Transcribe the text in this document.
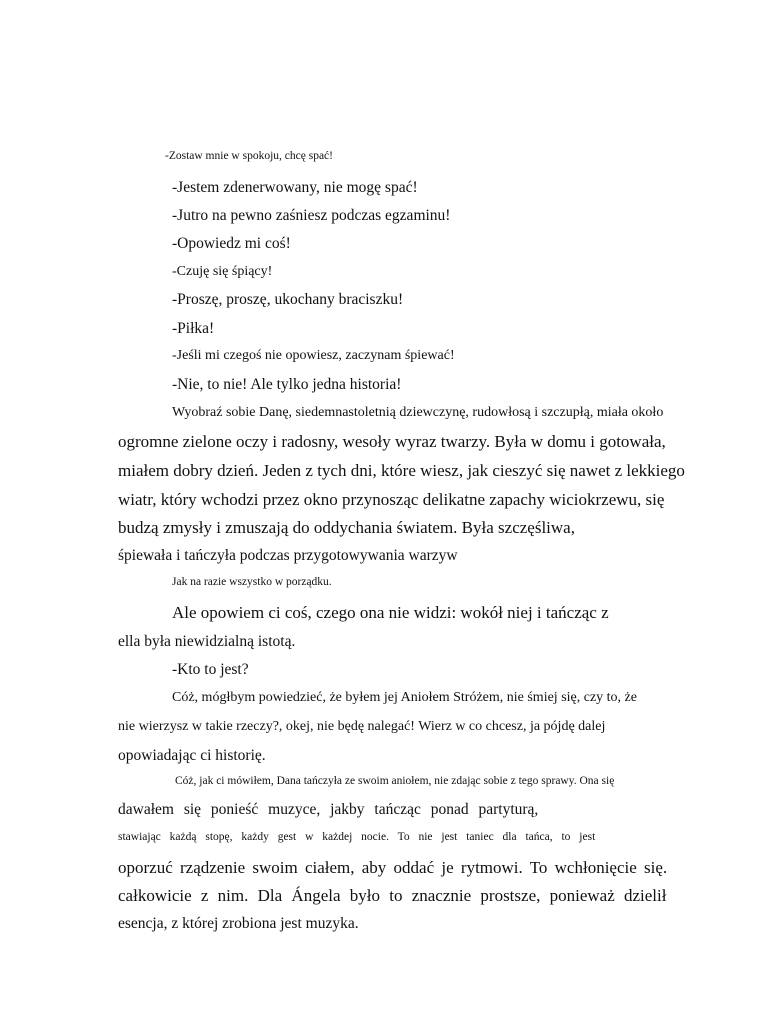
-Zostaw mnie w spokoju, chcę spać!

-Jestem zdenerwowany, nie mogę spać!

-Jutro na pewno zaśniesz podczas egzaminu!

-Opowiedz mi coś!

-Czuję się śpiący!

-Proszę, proszę, ukochany braciszku!

-Piłka!

-Jeśli mi czegoś nie opowiesz, zaczynam śpiewać!

-Nie, to nie! Ale tylko jedna historia!

Wyobraź sobie Danę, siedemnastoletnią dziewczynę, rudowłosą i szczupłą, miała około

ogromne zielone oczy i radosny, wesoły wyraz twarzy. Była w domu i gotowała,

miałem dobry dzień. Jeden z tych dni, które wiesz, jak cieszyć się nawet z lekkiego

wiatr, który wchodzi przez okno przynosząc delikatne zapachy wiciokrzewu, się

budzą zmysły i zmuszają do oddychania światem. Była szczęśliwa,

śpiewała i tańczyła podczas przygotowywania warzyw

Jak na razie wszystko w porządku.

Ale opowiem ci coś, czego ona nie widzi: wokół niej i tańcząc z

ella była niewidzialną istotą.

-Kto to jest?

Cóż, mógłbym powiedzieć, że byłem jej Aniołem Stróżem, nie śmiej się, czy to, że

nie wierzysz w takie rzeczy?, okej, nie będę nalegać! Wierz w co chcesz, ja pójdę dalej

opowiadając ci historię.

Cóż, jak ci mówiłem, Dana tańczyła ze swoim aniołem, nie zdając sobie z tego sprawy. Ona się

dawałem się ponieść muzyce, jakby tańcząc ponad partyturą,

stawiając każdą stopę, każdy gest w każdej nocie. To nie jest taniec dla tańca, to jest

oporzuć rządzenie swoim ciałem, aby oddać je rytmowi. To wchłonięcie się.

całkowicie z nim. Dla Ángela było to znacznie prostsze, ponieważ dzielił

esencja, z której zrobiona jest muzyka.
